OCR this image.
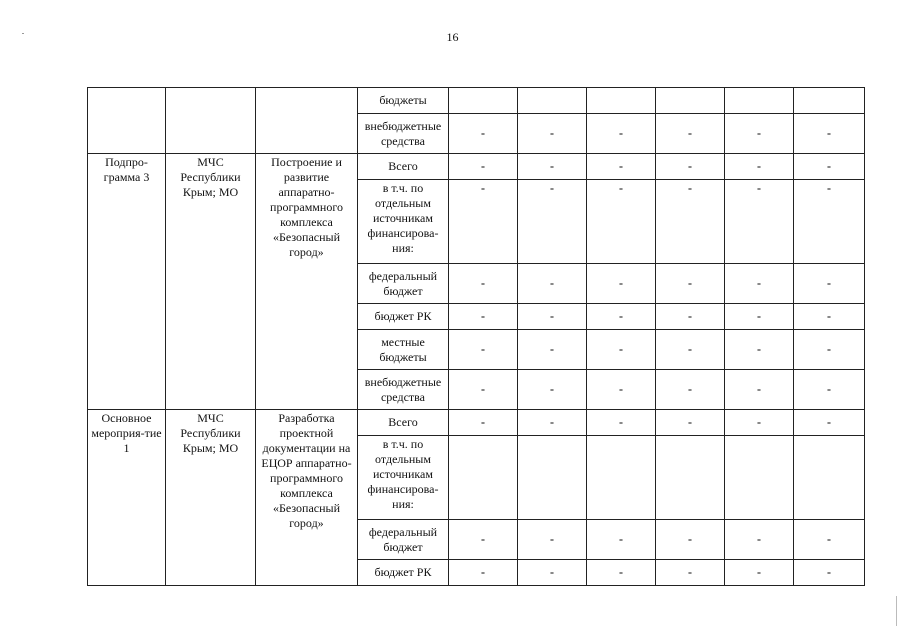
16
			бюджеты						
			внебюджетные средства	-	-	-	-	-	-
Подпро-грамма 3	МЧС Республики Крым; МО	Построение и развитие аппаратно-программного комплекса «Безопасный город»	Всего	-	-	-	-	-	-
			в т.ч. по отдельным источникам финансирова-ния:	-	-	-	-	-	-
			федеральный бюджет	-	-	-	-	-	-
			бюджет РК	-	-	-	-	-	-
			местные бюджеты	-	-	-	-	-	-
			внебюджетные средства	-	-	-	-	-	-
Основное мероприя-тие 1	МЧС Республики Крым; МО	Разработка проектной документации на ЕЦОР аппаратно-программного комплекса «Безопасный город»	Всего	-	-	-	-	-	-
			в т.ч. по отдельным источникам финансирова-ния:						
			федеральный бюджет	-	-	-	-	-	-
			бюджет РК	-	-	-	-	-	-
